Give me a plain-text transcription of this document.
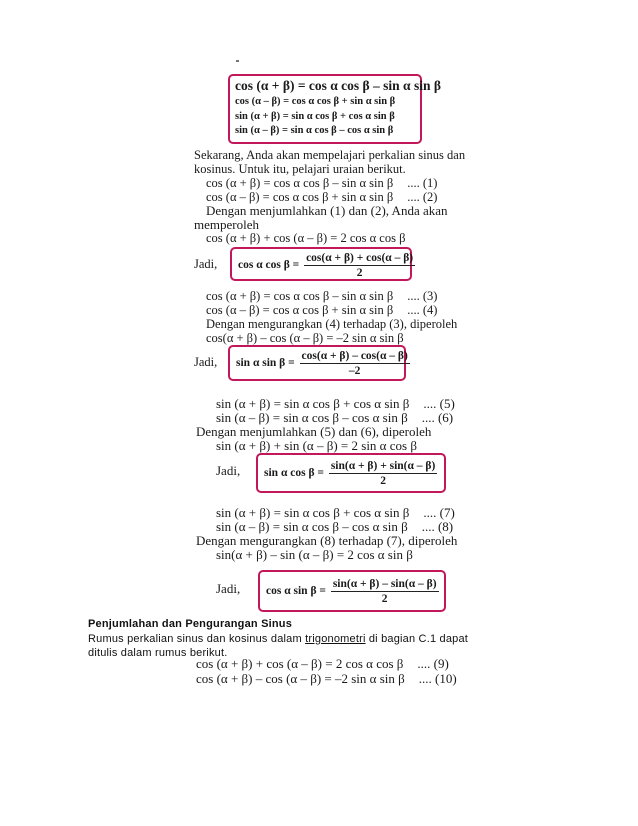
cos (α + β) = cos α cos β – sin α sin β
cos (α – β) = cos α cos β + sin α sin β
sin (α + β) = sin α cos β + cos α sin β
sin (α – β) = sin α cos β – cos α sin β
Sekarang, Anda akan mempelajari perkalian sinus dan
kosinus. Untuk itu, pelajari uraian berikut.
cos (α + β) = cos α cos β – sin α sin β .... (1)
cos (α – β) = cos α cos β + sin α sin β .... (2)
Dengan menjumlahkan (1) dan (2), Anda akan
memperoleh
cos (α + β) + cos (α – β) = 2 cos α cos β
Jadi, cos α $\cos \beta = \frac{\cos(\alpha + \beta) + \cos(\alpha - \beta)}{2}$
cos (α + β) = cos α cos β – sin α sin β .... (3)
cos (α – β) = cos α cos β + sin α sin β .... (4)
Dengan mengurangkan (4) terhadap (3), diperoleh
cos(α + β) – cos (α – β) = –2 sin α sin β
Jadi, sin α $\sin \beta = \frac{\cos(\alpha + \beta) - \cos(\alpha - \beta)}{-2}$
sin (α + β) = sin α cos β + cos α sin β .... (5)
sin (α – β) = sin α cos β – cos α sin β .... (6)
Dengan menjumlahkan (5) dan (6), diperoleh
sin (α + β) + sin (α – β) = 2 sin α cos β
Jadi, sin α $\cos \beta = \frac{\sin(\alpha + \beta) + \sin(\alpha - \beta)}{2}$
sin (α + β) = sin α cos β + cos α sin β .... (7)
sin (α – β) = sin α cos β – cos α sin β .... (8)
Dengan mengurangkan (8) terhadap (7), diperoleh
sin(α + β) – sin (α – β) = 2 cos α sin β
Jadi, cos α $\sin \beta = \frac{\sin(\alpha + \beta) - \sin(\alpha - \beta)}{2}$
Penjumlahan dan Pengurangan Sinus
Rumus perkalian sinus dan kosinus dalam trigonometri di bagian C.1 dapat
ditulis dalam rumus berikut.
cos (α + β) + cos (α – β) = 2 cos α cos β .... (9)
cos (α + β) – cos (α – β) = –2 sin α sin β .... (10)
